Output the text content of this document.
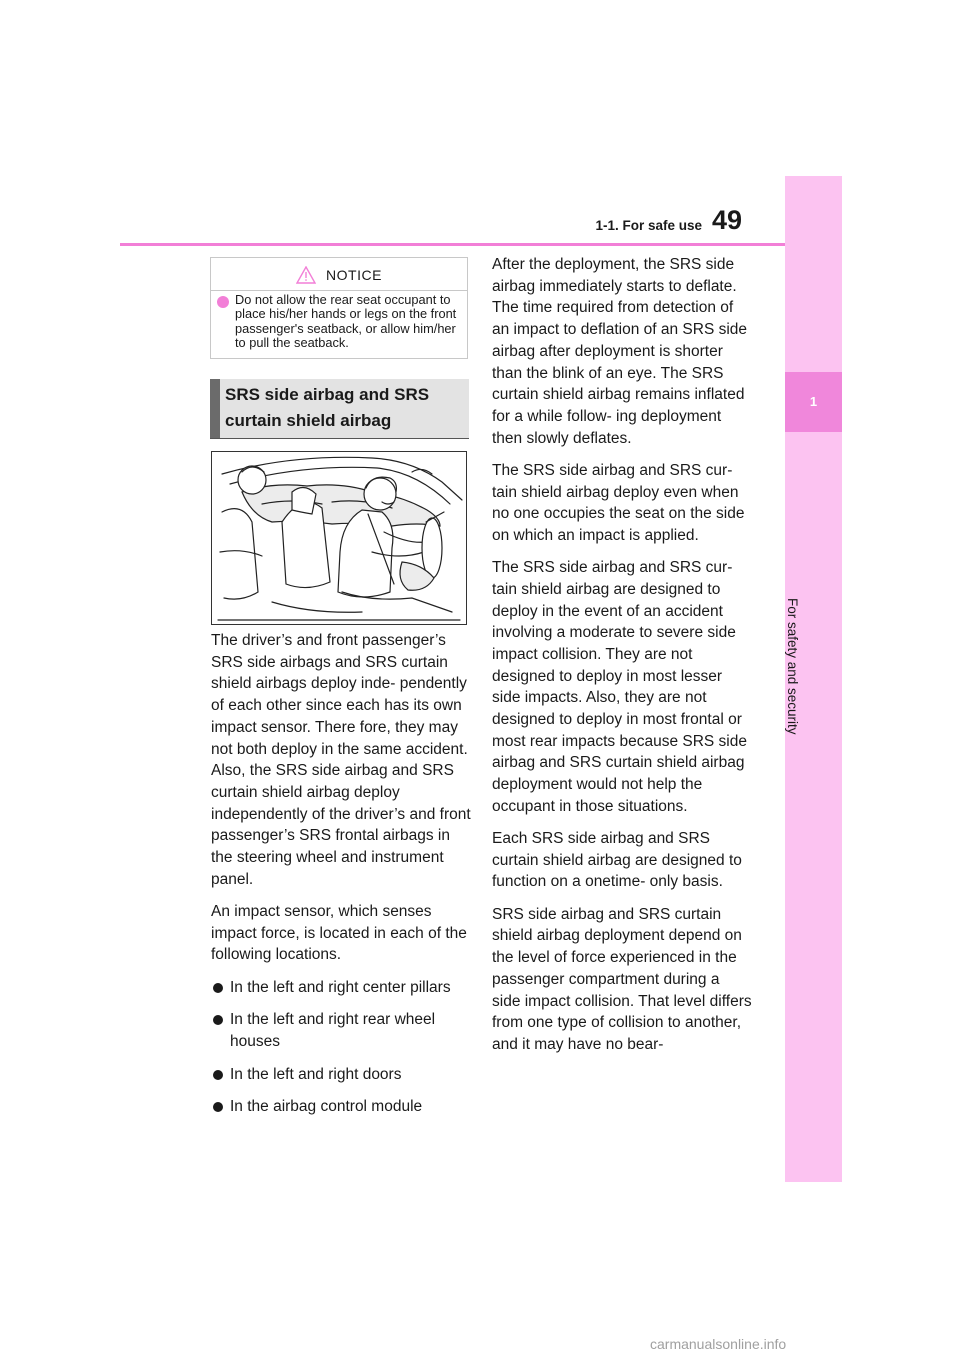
1-1. For safe use 49
1
For safety and security
NOTICE
Do not allow the rear seat occupant to place his/her hands or legs on the front passenger's seatback, or allow him/her to pull the seatback.
SRS side airbag and SRS curtain shield airbag

The driver’s and front passenger’s SRS side airbags and SRS curtain shield airbags deploy inde- pendently of each other since each has its own impact sensor. There fore, they may not both deploy in the same accident. Also, the SRS side airbag and SRS curtain shield airbag deploy independently of the driver’s and front passenger’s SRS frontal airbags in the steering wheel and instrument panel.

An impact sensor, which senses impact force, is located in each of the following locations.

In the left and right center pillars
In the left and right rear wheel houses
In the left and right doors
In the airbag control module

After the deployment, the SRS side airbag immediately starts to deflate. The time required from detection of an impact to deflation of an SRS side airbag after deployment is shorter than the blink of an eye. The SRS curtain shield airbag remains inflated for a while follow- ing deployment then slowly deflates.

The SRS side airbag and SRS cur- tain shield airbag deploy even when no one occupies the seat on the side on which an impact is applied.

The SRS side airbag and SRS cur- tain shield airbag are designed to deploy in the event of an accident involving a moderate to severe side impact collision. They are not designed to deploy in most lesser side impacts. Also, they are not designed to deploy in most frontal or most rear impacts because SRS side airbag and SRS curtain shield airbag deployment would not help the occupant in those situations.

Each SRS side airbag and SRS curtain shield airbag are designed to function on a onetime- only basis.

SRS side airbag and SRS curtain shield airbag deployment depend on the level of force experienced in the passenger compartment during a side impact collision. That level differs from one type of collision to another, and it may have no bear-

carmanualsonline.info
